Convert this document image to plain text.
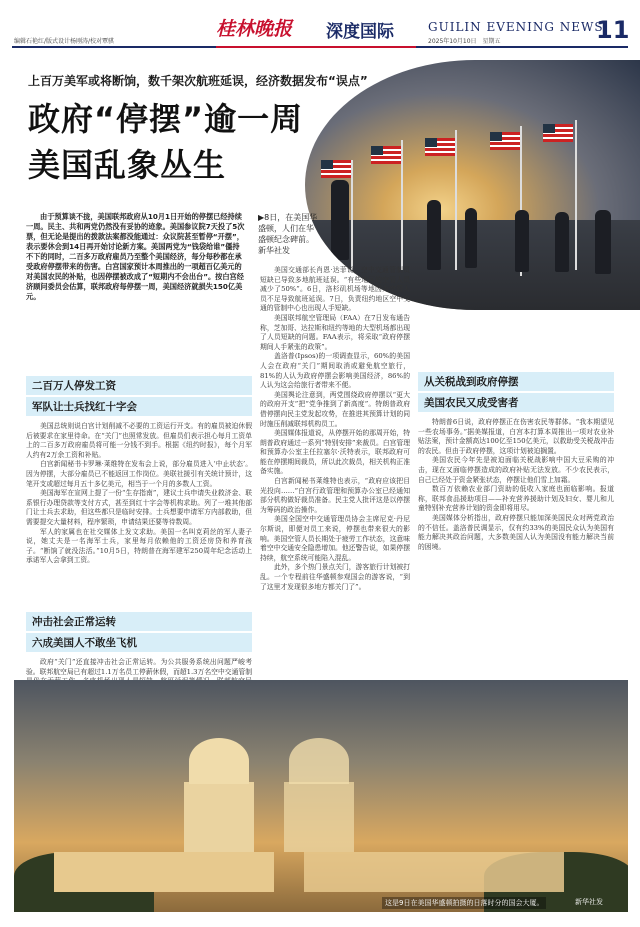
编辑石艳红/版式设计杨刚涛/校对覃骐
桂林晚报 深度国际	GUILIN EVENING NEWS
2025年10月10日　星期五	11
上百万美军或将断饷，数千架次航班延误，经济数据发布“误点”
政府“停摆”逾一周
美国乱象丛生
▶8日，在美国华盛顿，人们在华盛顿纪念碑前。新华社发
由于预算谈不拢，美国联邦政府从10月1日开始的停摆已经持续一周。民主、共和两党仍然没有妥协的迹象。美国参议院7天投了5次票，但无论是提出的拨款法案都没能通过：众议院甚至暂停“开摆”，表示要休会到14日再开始讨论新方案。美国两党为“钱袋给谁”僵持不下的同时，二百多万政府雇员乃至整个美国经济，每分每秒都在承受政府停摆带来的伤害。白宫国家预计本周推出的一项超百亿美元的对美国农民的补贴，也因停摆被改成了“短期内不会出台”。按白宫经济顾问委员会估算，联邦政府每停摆一周，美国经济就损失150亿美元。
二百万人停发工资
军队让士兵找红十字会

美国总统则说白宫计划削减不必要的工资运行开支。有的雇员被迫休假后被要求在家里待命。在“关门”也照常发放。但雇员们表示担心每月工资单上的二百多万政府雇员将可能一分钱不到手。根据《纽约时报》，每个月军人约有2万余工资和补贴。

白宫新闻秘书卡罗琳·莱维特在发布会上说，部分雇员进入‘中止状态’。因为停摆，大部分雇员已不能返回工作岗位。美联社援引有关统计预计，这笔开支或超过每月五十多亿美元，相当于一个月的多数人工资。

美国海军在宣网上提了一份“生存指南”，建议士兵申请失业救济金、联系银行办理贷款等支付方式，甚至到红十字会等机构求助。列了一堆其他部门让士兵去求助，但这些都只是临时安排。士兵想要申请军方内部救助，但需要提交大量材料，程序繁琐，申请结果还要等待数周。

军人的家属也在社交媒体上发文求助。美国一名叫克莉丝的军人妻子说，她丈夫是一名海军士兵，家里每月依赖他的工资还房贷和养育孩子。“断饷了就没法活。”10月5日，特朗普在海军建军250周年纪念活动上承诺军人会拿到工资。

冲击社会正常运转
六成美国人不敢坐飞机

政府“关门”还直接冲击社会正常运转。为公共服务系统出问题严峻考验。联邦航空局已有超过1.1万名员工停薪休假，而超1.3万名空中交通管制

美国交通部长肖恩·达菲说，空中交通管制员短缺已导致多地航班延误。“有些地区的空管人员减少了50%”。6日，洛杉矶机场等地因为空管人员不足导致航班延误。7日，负责纽约地区空中交通的管制中心也出现人手短缺。

美国联邦航空管理局（FAA）在7日发布通告称，芝加哥、达拉斯和纽约等地的大型机场都出现了人员短缺的问题。FAA表示，将采取“政府停摆期间人手紧张的政策”。

盖洛普(Ipsos)的一项调查显示，60%的美国人会在政府“关门”期间取消或避免航空旅行，81%的人认为政府停摆会影响美国经济，86%的人认为这会给旅行者带来不便。

美国舆论注意到，两党围绕政府停摆以“更大的政府开支”把“党争推到了新高度”。特朗普政府借停摆向民主党发起攻势，在推进其预算计划的同时施压削减联邦机构员工。

美国媒体报道说，从停摆开始的那周开始，特朗普政府通过一系列“特别安排”来裁员。白宫管理和预算办公室主任拉塞尔·沃特表示，联邦政府可能在停摆期间裁员，所以此次裁员，相关机构正准备实施。

白宫新闻秘书莱维特也表示，“政府应该把目光投向……”白宫行政管理和预算办公室已经通知部分机构做好裁员准备。民主党人批评这是以停摆为筹码的政治操作。

美国全国空中交通管理员协会主席尼克·丹尼尔斯说，即便对员工来说，停摆也带来很大的影响。美国空管人员长期处于疲劳工作状态，这意味着空中交通安全隐患增加。他还警告说，如果停摆持续，航空系统可能陷入混乱。

此外，多个热门景点关门，游客旅行计划被打乱。一个专程前往华盛顿参观国会的游客说，“到了这里才发现很多地方都关门了”。

从关税战到政府停摆
美国农民又成受害者

特朗普6日说，政府停摆正在伤害农民等群体。“我本期望见一些农场事务。”据美媒报道，白宫本打算本周推出一项对农业补贴法案，预计金额高达100亿至150亿美元，以救助受关税战冲击的农民。但由于政府停摆，这项计划被迫搁置。

美国农民今年先是被迫面临关税战影响中国大豆采购的冲击，现在又面临停摆造成的政府补贴无法发放。不少农民表示，自己已经处于资金紧张状态，停摆让他们雪上加霜。

数百万依赖农业部门资助的低收入家庭也面临影响。报道称，联邦食品援助项目——补充营养援助计划及妇女、婴儿和儿童特别补充营养计划的资金即将用尽。

美国媒体分析指出，政府停摆只能加深美国民众对两党政治的不信任。盖洛普民调显示，仅有约33%的美国民众认为美国有能力解决其政治问题，大多数美国人认为美国没有能力解决当前的困境。

这是9日在美国华盛顿拍摄的日落时分的国会大厦。	新华社发
